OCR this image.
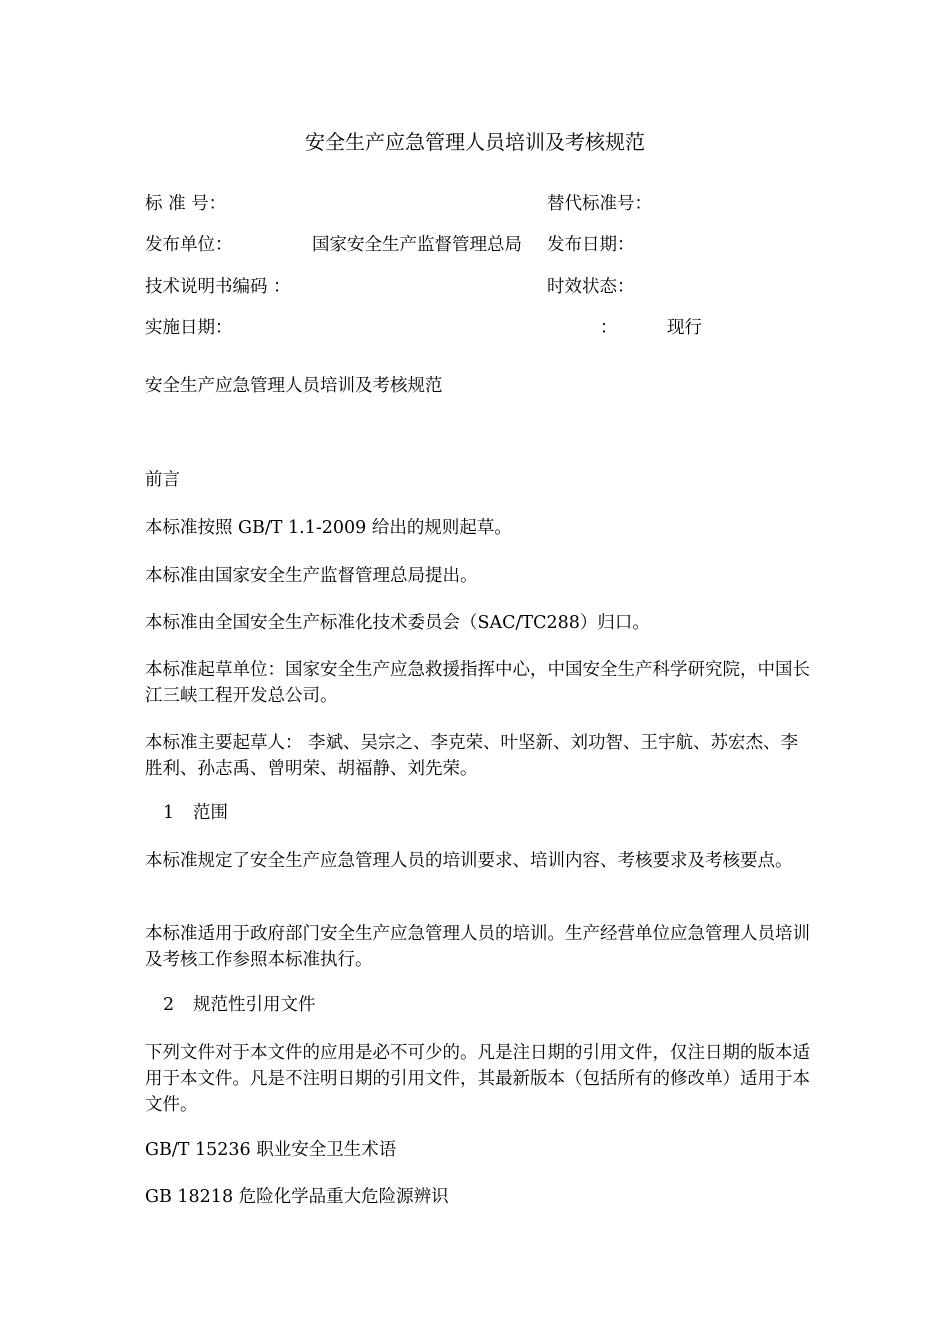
安全生产应急管理人员培训及考核规范
标 准 号：	替代标准号：
发布单位：	国家安全生产监督管理总局 发布日期：
技术说明书编码 ：	时效状态：
实施日期：	：	现行

安全生产应急管理人员培训及考核规范

前言

本标准按照 GB/T 1.1-2009 给出的规则起草。

本标准由国家安全生产监督管理总局提出。

本标准由全国安全生产标准化技术委员会（SAC/TC288）归口。

本标准起草单位：国家安全生产应急救援指挥中心，中国安全生产科学研究院，中国长江三峡工程开发总公司。

本标准主要起草人： 李斌、吴宗之、李克荣、叶坚新、刘功智、王宇航、苏宏杰、李胜利、孙志禹、曾明荣、胡福静、刘先荣。

1 范围

本标准规定了安全生产应急管理人员的培训要求、培训内容、考核要求及考核要点。

本标准适用于政府部门安全生产应急管理人员的培训。生产经营单位应急管理人员培训及考核工作参照本标准执行。

2 规范性引用文件

下列文件对于本文件的应用是必不可少的。凡是注日期的引用文件，仅注日期的版本适用于本文件。凡是不注明日期的引用文件，其最新版本（包括所有的修改单）适用于本文件。

GB/T 15236 职业安全卫生术语

GB 18218 危险化学品重大危险源辨识
